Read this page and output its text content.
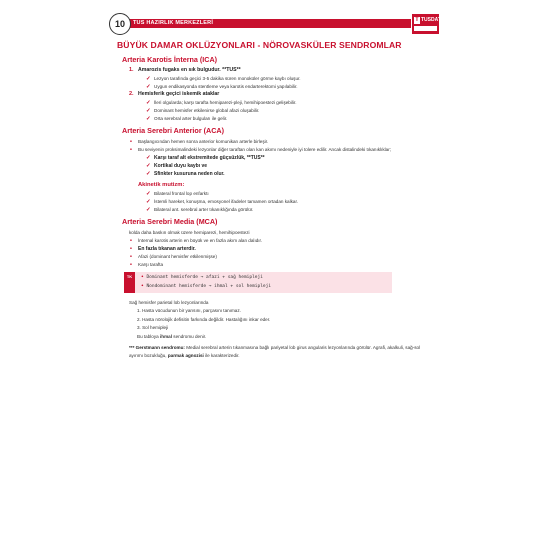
10	TUS HAZIRLIK MERKEZLERİ	T TUSDATA
BÜYÜK DAMAR OKLÜZYONLARI - NÖROVASKÜLER SENDROMLAR
Arteria Karotis İnterna (ICA)
1. Amarozis fugaks en sık bulgudur. **TUS**
✓ Lezyon tarafında geçici 3-5 dakika süren monoküler görme kaybı oluşur.
✓ Uygun endikasyonda stentleme veya karotis endarterektomi yapılabilir.
2. Hemisferik geçici iskemik ataklar
✓ İleri olgularda; karşı tarafta hemiparezi-pleji, hemihipoestezi gelişebilir.
✓ Dominant hemisfer etkilenirse global afazi oluşabilir.
✓ Orta serebral arter bulguları ile gelir.
Arteria Serebri Anterior (ACA)
• Başlangıcından hemen sonra anterior komunikan arterle birleşir.
• Bu seviyenin proksimalindeki lezyonlar diğer taraftan olan kan akımı nedeniyle iyi tolere edilir. Ancak distalindeki tıkanıklıklar;
✓ Karşı taraf alt ekstremitede güçsüzlük, **TUS**
✓ Kortikal duyu kaybı ve
✓ Sfinkter kusuruna neden olur.
Akinetik mutizm:
✓ Bilateral frontal lop enfarktı
✓ İstemli hareket, konuşma, emosyonel ifadeler tamamen ortadan kalkar.
✓ Bilateral ant. serebral arter tıkanıklığında görülür.
Arteria Serebri Media (MCA)
kolda daha baskın olmak üzere hemiparezi, hemihipoestezi
• İnternal karotis arterin en büyük ve en fazla akım alan dalıdır.
• En fazla tıkanan arterdir.
• Afazi (dominant hemisfer etkilenmişse)
• Karşı tarafta
TK	• Dominant hemisferde → afazi + sağ hemipleji
• Nondominant hemisferde → ihmal + sol hemipleji
Sağ hemisfer parietal lob lezyonlarında
1. Hasta vücudunun bir yarısını, parçasını tanımaz.
2. Hasta nörolojik defisitin farkında değildir. Hastalığını inkar eder.
3. Sol hemipleji
Bu tabloya ihmal sendromu denir.
*** Gerstmann sendromu: Medial serebral arterin tıkanmasına bağlı pariyetal lob girus angularis lezyonlarında görülür. Agrafi, akalkuli, sağ-sol ayırımı bozukluğu, parmak agnozisi ile karakterizedir.
